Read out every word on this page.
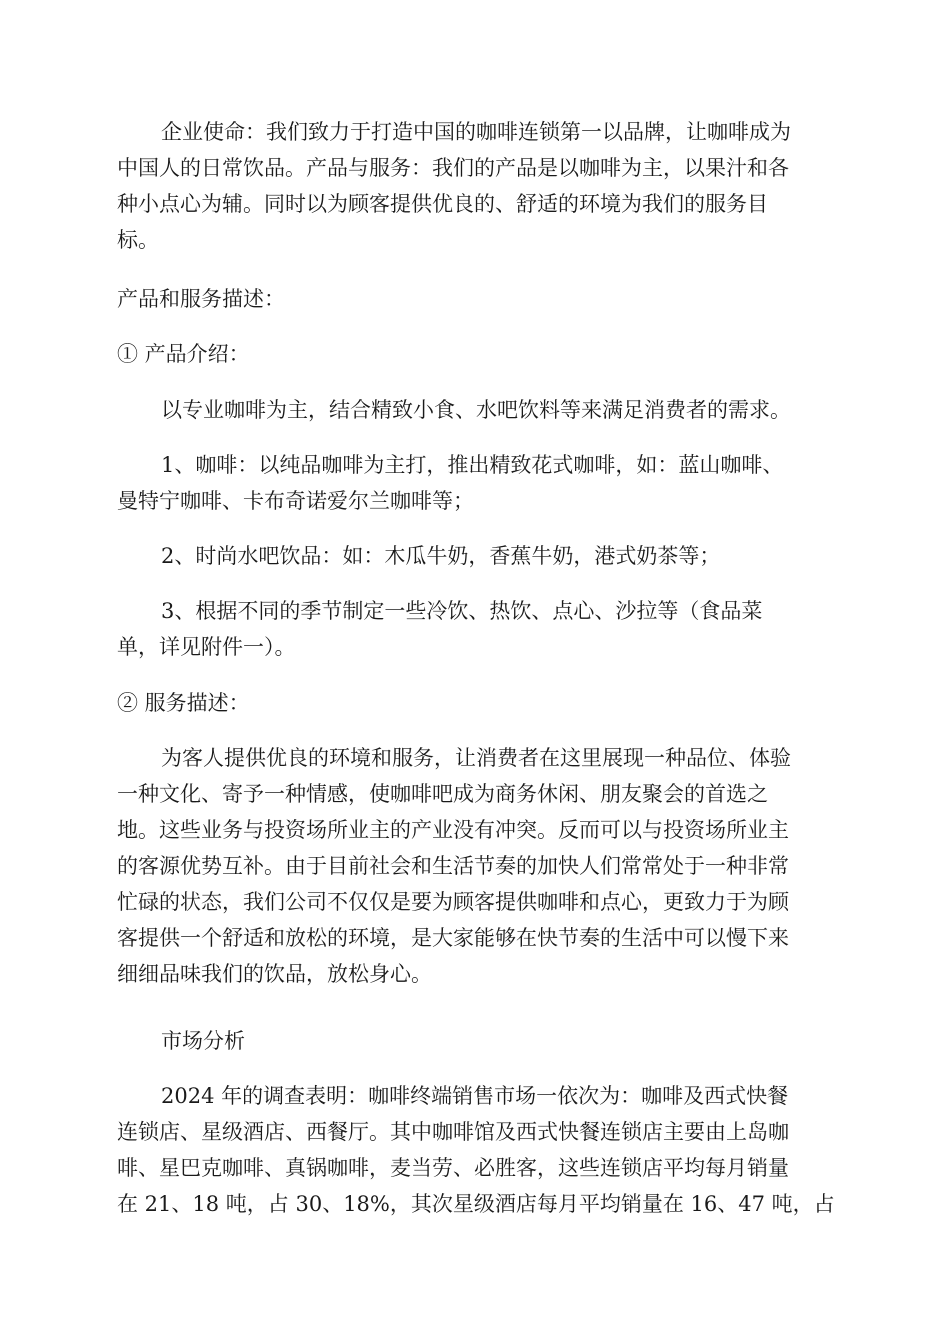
企业使命：我们致力于打造中国的咖啡连锁第一以品牌，让咖啡成为
中国人的日常饮品。产品与服务：我们的产品是以咖啡为主，以果汁和各
种小点心为辅。同时以为顾客提供优良的、舒适的环境为我们的服务目
标。
产品和服务描述：
① 产品介绍：
以专业咖啡为主，结合精致小食、水吧饮料等来满足消费者的需求。
1、咖啡：以纯品咖啡为主打，推出精致花式咖啡，如：蓝山咖啡、
曼特宁咖啡、卡布奇诺爱尔兰咖啡等；
2、时尚水吧饮品：如：木瓜牛奶，香蕉牛奶，港式奶茶等；
3、根据不同的季节制定一些冷饮、热饮、点心、沙拉等（食品菜
单，详见附件一）。
② 服务描述：
为客人提供优良的环境和服务，让消费者在这里展现一种品位、体验
一种文化、寄予一种情感，使咖啡吧成为商务休闲、朋友聚会的首选之
地。这些业务与投资场所业主的产业没有冲突。反而可以与投资场所业主
的客源优势互补。由于目前社会和生活节奏的加快人们常常处于一种非常
忙碌的状态，我们公司不仅仅是要为顾客提供咖啡和点心，更致力于为顾
客提供一个舒适和放松的环境，是大家能够在快节奏的生活中可以慢下来
细细品味我们的饮品，放松身心。
市场分析
2024 年的调查表明：咖啡终端销售市场一依次为：咖啡及西式快餐
连锁店、星级酒店、西餐厅。其中咖啡馆及西式快餐连锁店主要由上岛咖
啡、星巴克咖啡、真锅咖啡，麦当劳、必胜客，这些连锁店平均每月销量
在 21、18 吨，占 30、18%，其次星级酒店每月平均销量在 16、47 吨，占
